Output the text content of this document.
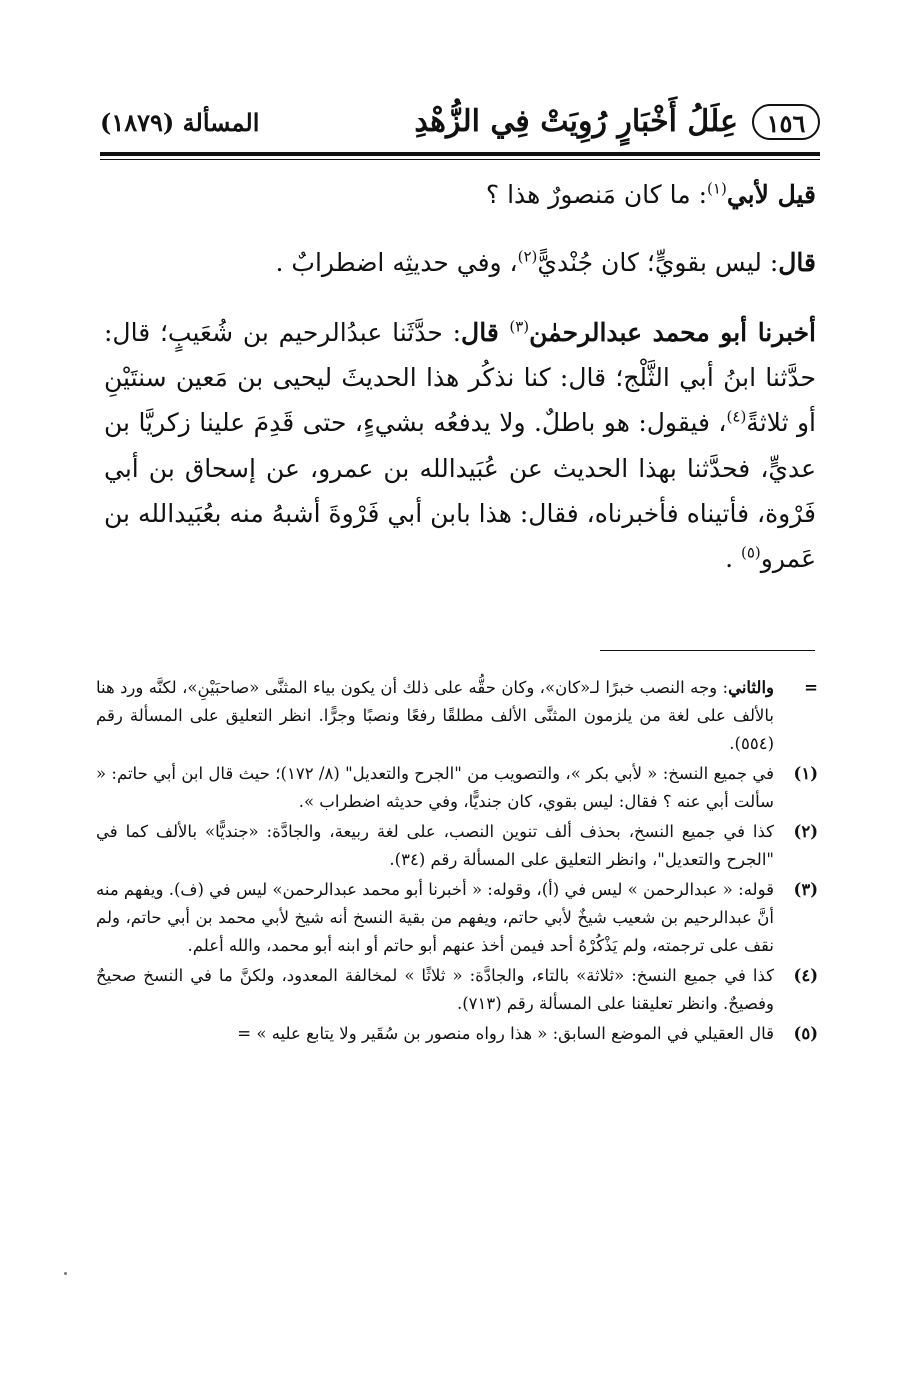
١٥٦
عِلَلُ أَخْبَارٍ رُوِيَتْ فِي الزُّهْدِ
المسألة (١٨٧٩)

قيل لأبي$^{(١)}$: ما كان مَنصورٌ هذا ؟

قال: ليس بقويٍّ؛ كان جُنْديًّ$^{(٢)}$، وفي حديثِه اضطرابٌ .

أخبرنا أبو محمد عبدالرحمٰن$^{(٣)}$ قال: حدَّثَنا عبدُالرحيم بن شُعَيبٍ؛ قال: حدَّثنا ابنُ أبي الثَّلْج؛ قال: كنا نذكُر هذا الحديثَ ليحيى بن مَعين سنتَيْنِ أو ثلاثةً$^{(٤)}$، فيقول: هو باطلٌ. ولا يدفعُه بشيءٍ، حتى قَدِمَ علينا زكريَّا بن عديٍّ، فحدَّثنا بهذا الحديث عن عُبَيدالله بن عمرو، عن إسحاق بن أبي فَرْوة، فأتيناه فأخبرناه، فقال: هذا بابن أبي فَرْوةَ أشبهُ منه بعُبَيدالله بن عَمرو$^{(٥)}$ .

=
والثاني: وجه النصب خبرًا لـ«كان»، وكان حقُّه على ذلك أن يكون بياء المثنَّى «صاحبَيْنِ»، لكنَّه ورد هنا بالألف على لغة من يلزمون المثنَّى الألف مطلقًا رفعًا ونصبًا وجرًّا. انظر التعليق على المسألة رقم (٥٥٤).
(١)
في جميع النسخ: « لأبي بكر »، والتصويب من "الجرح والتعديل" (٨/ ١٧٢)؛ حيث قال ابن أبي حاتم: « سألت أبي عنه ؟ فقال: ليس بقوي، كان جنديًّا، وفي حديثه اضطراب ».
(٢)
كذا في جميع النسخ، بحذف ألف تنوين النصب، على لغة ربيعة، والجادَّة: «جنديًّا» بالألف كما في "الجرح والتعديل"، وانظر التعليق على المسألة رقم (٣٤).
(٣)
قوله: « عبدالرحمن » ليس في (أ)، وقوله: « أخبرنا أبو محمد عبدالرحمن» ليس في (ف). ويفهم منه أنَّ عبدالرحيم بن شعيب شيخٌ لأبي حاتم، ويفهم من بقية النسخ أنه شيخ لأبي محمد بن أبي حاتم، ولم نقف على ترجمته، ولم يَذْكُرْهُ أحد فيمن أخذ عنهم أبو حاتم أو ابنه أبو محمد، والله أعلم.
(٤)
كذا في جميع النسخ: «ثلاثة» بالتاء، والجادَّة: « ثلاثًا » لمخالفة المعدود، ولكنَّ ما في النسخ صحيحٌ وفصيحٌ. وانظر تعليقنا على المسألة رقم (٧١٣).
(٥)
قال العقيلي في الموضع السابق: « هذا رواه منصور بن سُقَير ولا يتابع عليه » =
